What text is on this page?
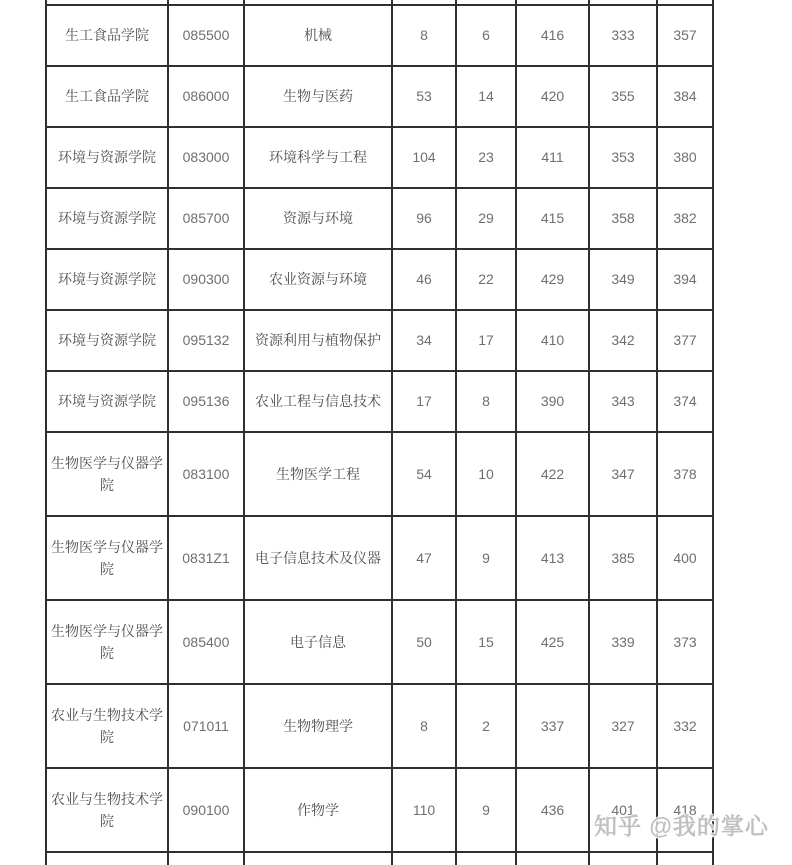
生工食品学院	085500	机械	8	6	416	333	357
生工食品学院	086000	生物与医药	53	14	420	355	384
环境与资源学院	083000	环境科学与工程	104	23	411	353	380
环境与资源学院	085700	资源与环境	96	29	415	358	382
环境与资源学院	090300	农业资源与环境	46	22	429	349	394
环境与资源学院	095132	资源利用与植物保护	34	17	410	342	377
环境与资源学院	095136	农业工程与信息技术	17	8	390	343	374
生物医学与仪器学院	083100	生物医学工程	54	10	422	347	378
生物医学与仪器学院	0831Z1	电子信息技术及仪器	47	9	413	385	400
生物医学与仪器学院	085400	电子信息	50	15	425	339	373
农业与生物技术学院	071011	生物物理学	8	2	337	327	332
农业与生物技术学院	090100	作物学	110	9	436	401	418

知乎 @我的掌心
